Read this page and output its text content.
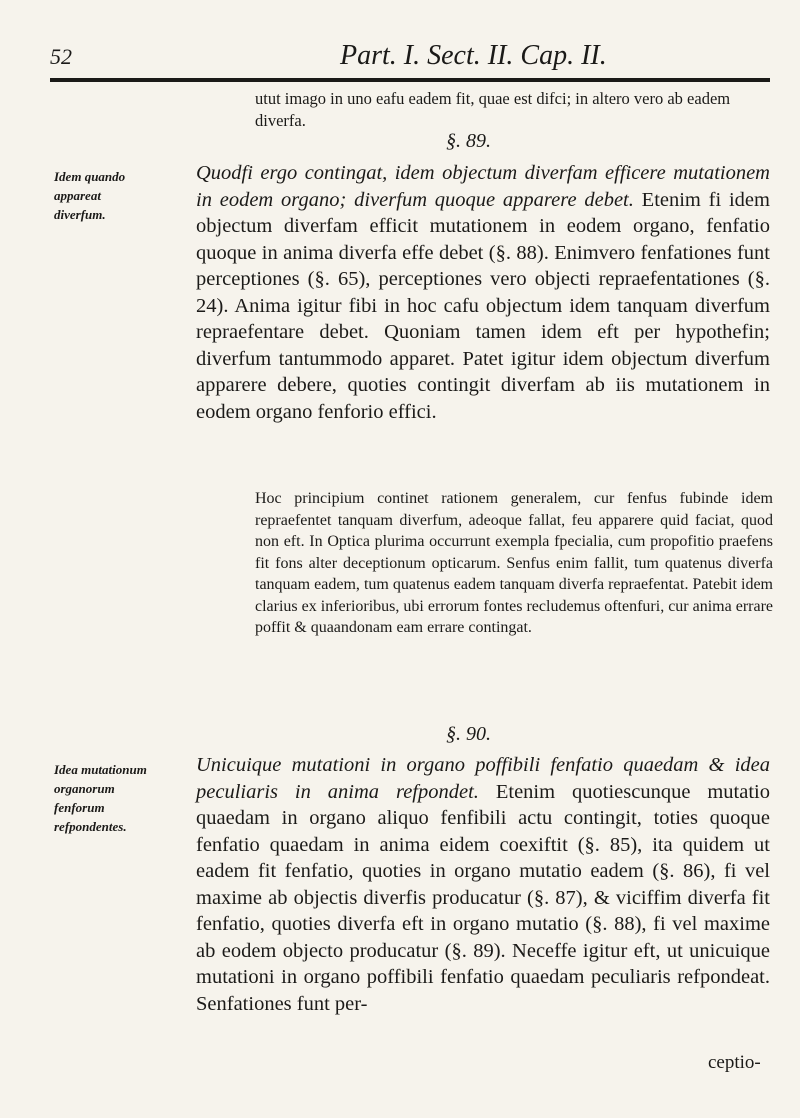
52	Part. I. Sect. II. Cap. II.
utut imago in uno eafu eadem fit, quae est difci; in altero vero ab eadem diverfa.
§. 89.
Idem quando appareat diverfum.
Quodfi ergo contingat, idem objectum diverfam efficere mutationem in eodem organo; diverfum quoque apparere debet. Etenim fi idem objectum diverfam efficit mutationem in eodem organo, fenfatio quoque in anima diverfa effe debet (§. 88). Enimvero fenfationes funt perceptiones (§. 65), perceptiones vero objecti repraefentationes (§. 24). Anima igitur fibi in hoc cafu objectum idem tanquam diverfum repraefentare debet. Quoniam tamen idem eft per hypothefin; diverfum tantummodo apparet. Patet igitur idem objectum diverfum apparere debere, quoties contingit diverfam ab iis mutationem in eodem organo fenforio effici.
Hoc principium continet rationem generalem, cur fenfus fubinde idem repraefentet tanquam diverfum, adeoque fallat, feu apparere quid faciat, quod non eft. In Optica plurima occurrunt exempla fpecialia, cum propofitio praefens fit fons alter deceptionum opticarum. Senfus enim fallit, tum quatenus diverfa tanquam eadem, tum quatenus eadem tanquam diverfa repraefentat. Patebit idem clarius ex inferioribus, ubi errorum fontes recludemus oftenfuri, cur anima errare poffit & quaandonam eam errare contingat.
§. 90.
Idea mutationum organorum fenforum refpondentes.
Unicuique mutationi in organo poffibili fenfatio quaedam & idea peculiaris in anima refpondet. Etenim quotiescunque mutatio quaedam in organo aliquo fenfibili actu contingit, toties quoque fenfatio quaedam in anima eidem coexiftit (§. 85), ita quidem ut eadem fit fenfatio, quoties in organo mutatio eadem (§. 86), fi vel maxime ab objectis diverfis producatur (§. 87), & viciffim diverfa fit fenfatio, quoties diverfa eft in organo mutatio (§. 88), fi vel maxime ab eodem objecto producatur (§. 89). Neceffe igitur eft, ut unicuique mutationi in organo poffibili fenfatio quaedam peculiaris refpondeat. Senfationes funt per-
ceptio-
